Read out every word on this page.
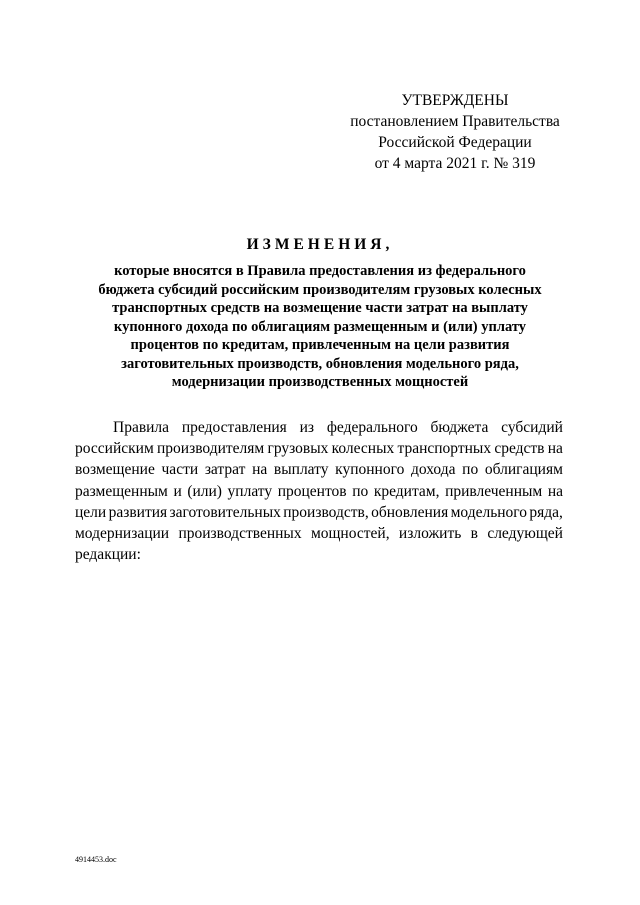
УТВЕРЖДЕНЫ
постановлением Правительства
Российской Федерации
от 4 марта 2021 г. № 319
ИЗМЕНЕНИЯ,
которые вносятся в Правила предоставления из федерального
бюджета субсидий российским производителям грузовых колесных
транспортных средств на возмещение части затрат на выплату
купонного дохода по облигациям размещенным и (или) уплату
процентов по кредитам, привлеченным на цели развития
заготовительных производств, обновления модельного ряда,
модернизации производственных мощностей
Правила предоставления из федерального бюджета субсидий
российским производителям грузовых колесных транспортных средств на
возмещение части затрат на выплату купонного дохода по облигациям
размещенным и (или) уплату процентов по кредитам, привлеченным на
цели развития заготовительных производств, обновления модельного ряда,
модернизации производственных мощностей, изложить в следующей
редакции:
4914453.doc
